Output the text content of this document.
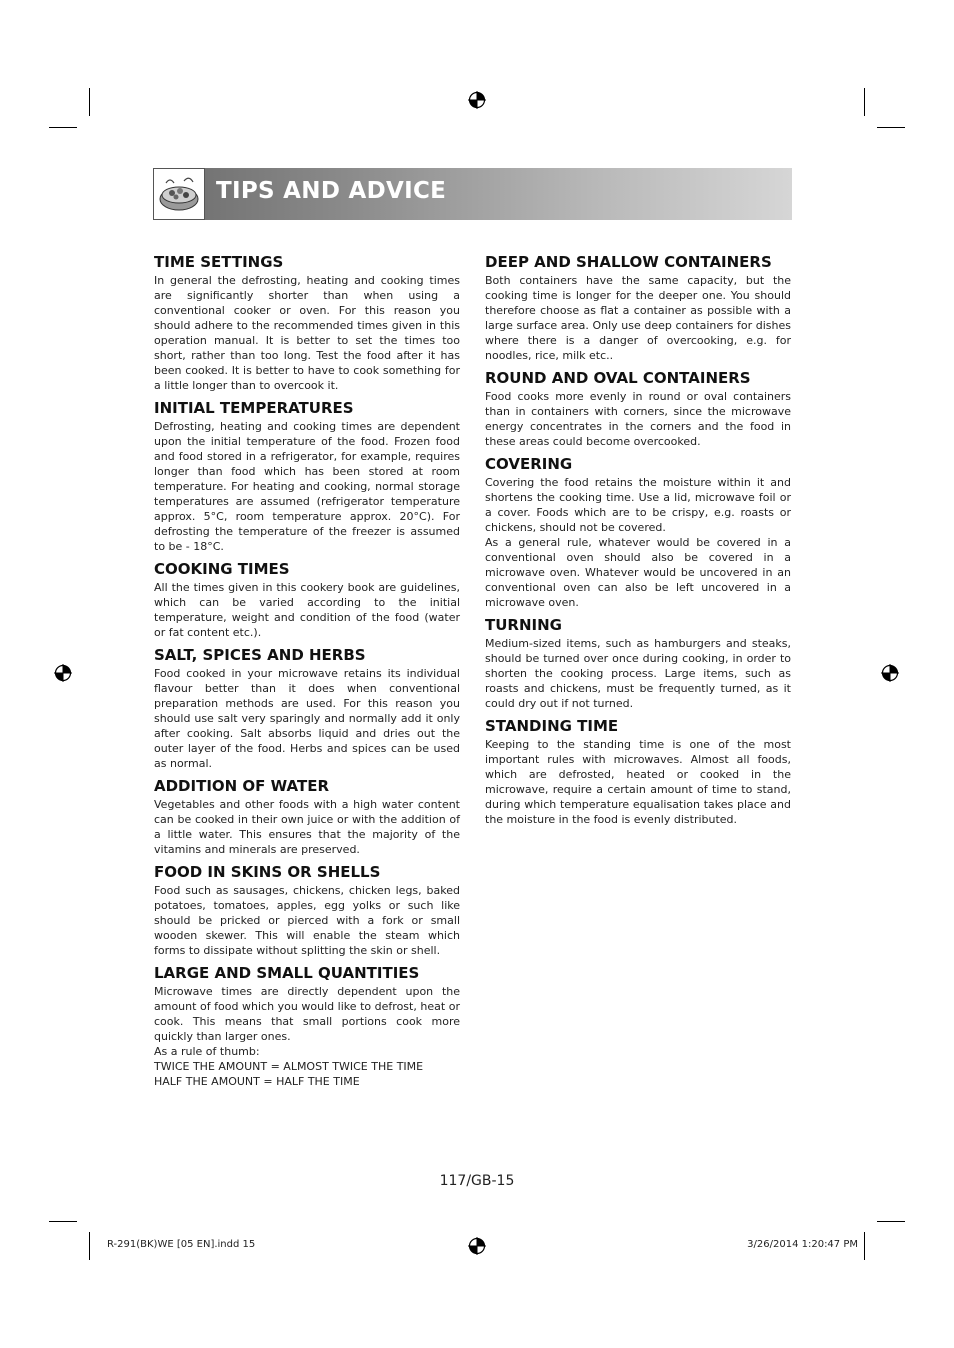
TIPS AND ADVICE
TIME SETTINGS

In general the defrosting, heating and cooking times are significantly shorter than when using a conventional cooker or oven. For this reason you should adhere to the recommended times given in this operation manual. It is better to set the times too short, rather than too long. Test the food after it has been cooked. It is better to have to cook something for a little longer than to overcook it.

INITIAL TEMPERATURES

Defrosting, heating and cooking times are dependent upon the initial temperature of the food. Frozen food and food stored in a refrigerator, for example, requires longer than food which has been stored at room temperature. For heating and cooking, normal storage temperatures are assumed (refrigerator temperature approx. 5°C, room temperature approx. 20°C). For defrosting the temperature of the freezer is assumed to be - 18°C.

COOKING TIMES

All the times given in this cookery book are guidelines, which can be varied according to the initial temperature, weight and condition of the food (water or fat content etc.).

SALT, SPICES AND HERBS

Food cooked in your microwave retains its individual flavour better than it does when conventional preparation methods are used. For this reason you should use salt very sparingly and normally add it only after cooking. Salt absorbs liquid and dries out the outer layer of the food. Herbs and spices can be used as normal.

ADDITION OF WATER

Vegetables and other foods with a high water content can be cooked in their own juice or with the addition of a little water. This ensures that the majority of the vitamins and minerals are preserved.

FOOD IN SKINS OR SHELLS

Food such as sausages, chickens, chicken legs, baked potatoes, tomatoes, apples, egg yolks or such like should be pricked or pierced with a fork or small wooden skewer. This will enable the steam which forms to dissipate without splitting the skin or shell.

LARGE AND SMALL QUANTITIES

Microwave times are directly dependent upon the amount of food which you would like to defrost, heat or cook. This means that small portions cook more quickly than larger ones.

As a rule of thumb:

TWICE THE AMOUNT = ALMOST TWICE THE TIME

HALF THE AMOUNT = HALF THE TIME

DEEP AND SHALLOW CONTAINERS

Both containers have the same capacity, but the cooking time is longer for the deeper one. You should therefore choose as flat a container as possible with a large surface area. Only use deep containers for dishes where there is a danger of overcooking, e.g. for noodles, rice, milk etc..

ROUND AND OVAL CONTAINERS

Food cooks more evenly in round or oval containers than in containers with corners, since the microwave energy concentrates in the corners and the food in these areas could become overcooked.

COVERING

Covering the food retains the moisture within it and shortens the cooking time. Use a lid, microwave foil or a cover. Foods which are to be crispy, e.g. roasts or chickens, should not be covered.

As a general rule, whatever would be covered in a conventional oven should also be covered in a microwave oven. Whatever would be uncovered in an conventional oven can also be left uncovered in a microwave oven.

TURNING

Medium-sized items, such as hamburgers and steaks, should be turned over once during cooking, in order to shorten the cooking process. Large items, such as roasts and chickens, must be frequently turned, as it could dry out if not turned.

STANDING TIME

Keeping to the standing time is one of the most important rules with microwaves. Almost all foods, which are defrosted, heated or cooked in the microwave, require a certain amount of time to stand, during which temperature equalisation takes place and the moisture in the food is evenly distributed.

117/GB-15
R-291(BK)WE [05 EN].indd 15	3/26/2014 1:20:47 PM
